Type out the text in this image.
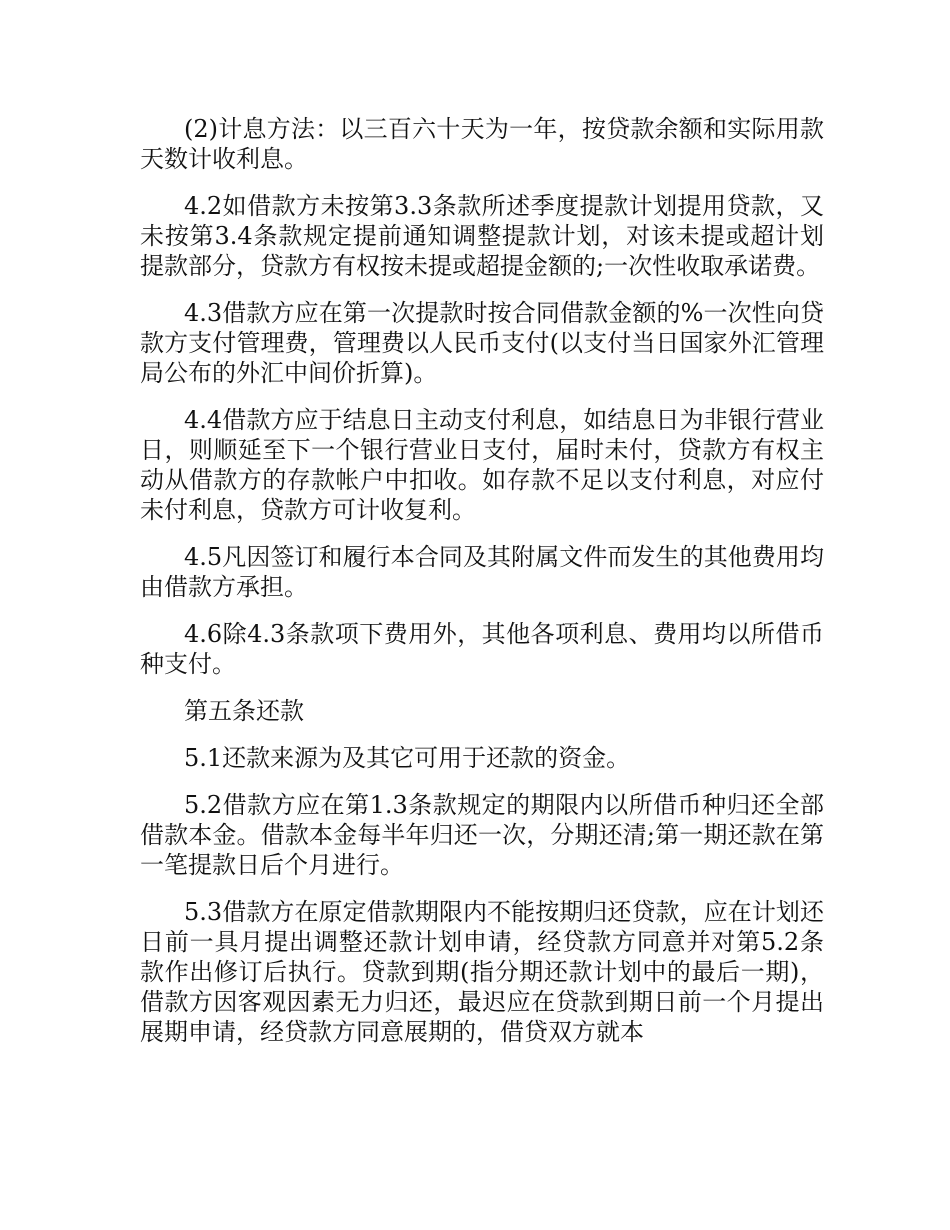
(2)计息方法：以三百六十天为一年，按贷款余额和实际用款天数计收利息。

4.2如借款方未按第3.3条款所述季度提款计划提用贷款，又未按第3.4条款规定提前通知调整提款计划，对该未提或超计划提款部分，贷款方有权按未提或超提金额的;一次性收取承诺费。

4.3借款方应在第一次提款时按合同借款金额的%一次性向贷款方支付管理费，管理费以人民币支付(以支付当日国家外汇管理局公布的外汇中间价折算)。

4.4借款方应于结息日主动支付利息，如结息日为非银行营业日，则顺延至下一个银行营业日支付，届时未付，贷款方有权主动从借款方的存款帐户中扣收。如存款不足以支付利息，对应付未付利息，贷款方可计收复利。

4.5凡因签订和履行本合同及其附属文件而发生的其他费用均由借款方承担。

4.6除4.3条款项下费用外，其他各项利息、费用均以所借币种支付。

第五条还款

5.1还款来源为及其它可用于还款的资金。

5.2借款方应在第1.3条款规定的期限内以所借币种归还全部借款本金。借款本金每半年归还一次，分期还清;第一期还款在第一笔提款日后个月进行。

5.3借款方在原定借款期限内不能按期归还贷款，应在计划还日前一具月提出调整还款计划申请，经贷款方同意并对第5.2条款作出修订后执行。贷款到期(指分期还款计划中的最后一期)，借款方因客观因素无力归还，最迟应在贷款到期日前一个月提出展期申请，经贷款方同意展期的，借贷双方就本
